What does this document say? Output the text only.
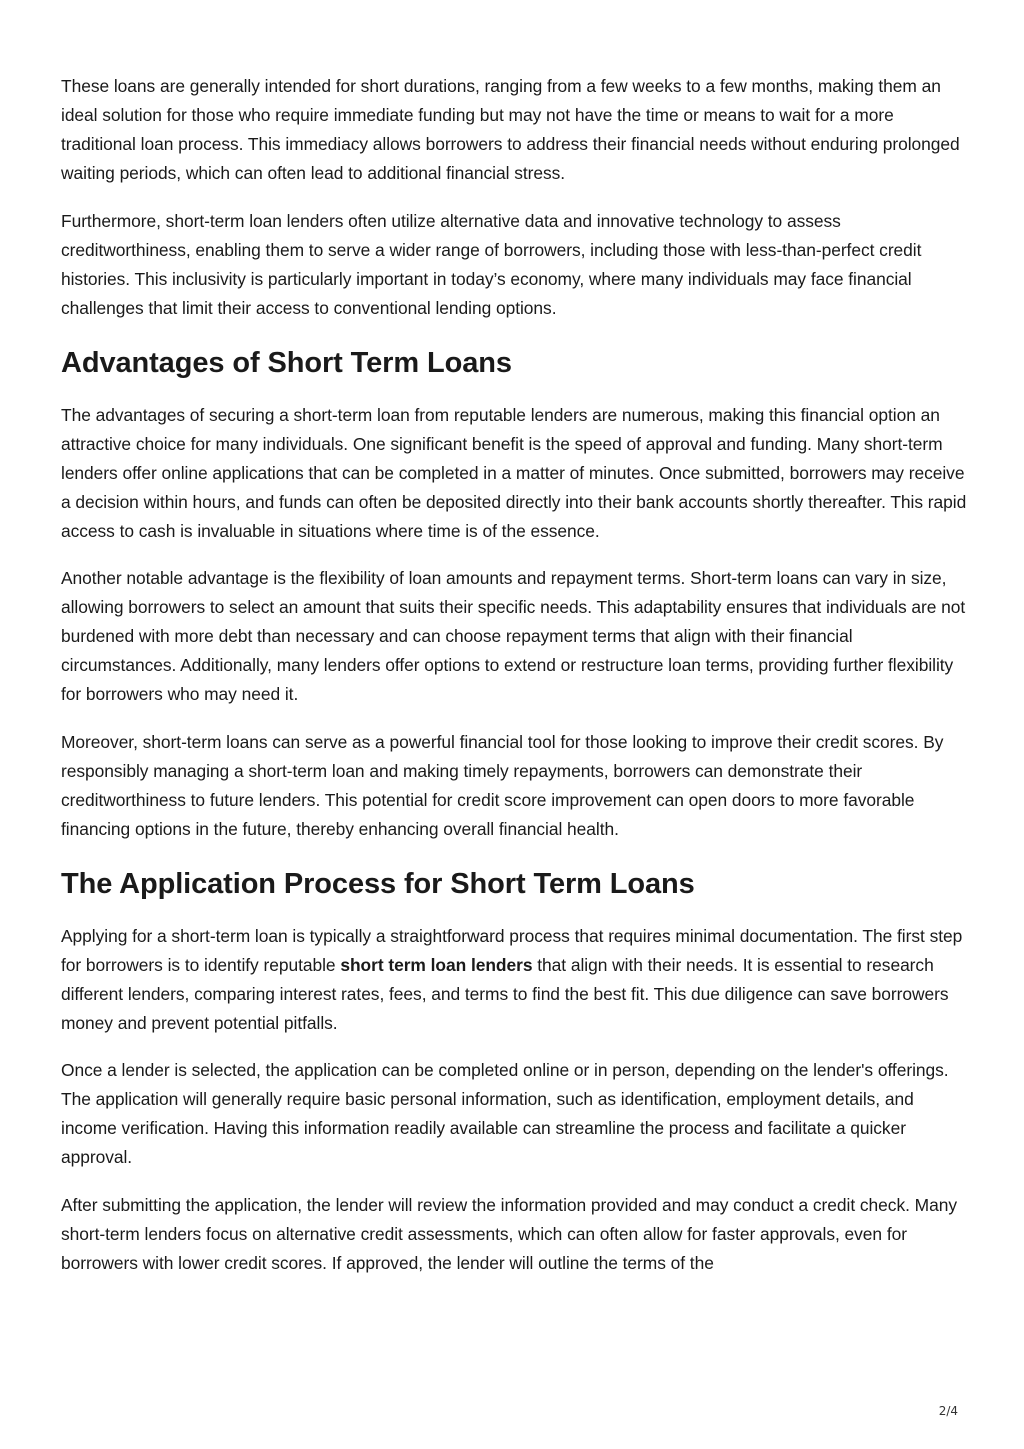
These loans are generally intended for short durations, ranging from a few weeks to a few months, making them an ideal solution for those who require immediate funding but may not have the time or means to wait for a more traditional loan process. This immediacy allows borrowers to address their financial needs without enduring prolonged waiting periods, which can often lead to additional financial stress.

Furthermore, short-term loan lenders often utilize alternative data and innovative technology to assess creditworthiness, enabling them to serve a wider range of borrowers, including those with less-than-perfect credit histories. This inclusivity is particularly important in today’s economy, where many individuals may face financial challenges that limit their access to conventional lending options.

Advantages of Short Term Loans

The advantages of securing a short-term loan from reputable lenders are numerous, making this financial option an attractive choice for many individuals. One significant benefit is the speed of approval and funding. Many short-term lenders offer online applications that can be completed in a matter of minutes. Once submitted, borrowers may receive a decision within hours, and funds can often be deposited directly into their bank accounts shortly thereafter. This rapid access to cash is invaluable in situations where time is of the essence.

Another notable advantage is the flexibility of loan amounts and repayment terms. Short-term loans can vary in size, allowing borrowers to select an amount that suits their specific needs. This adaptability ensures that individuals are not burdened with more debt than necessary and can choose repayment terms that align with their financial circumstances. Additionally, many lenders offer options to extend or restructure loan terms, providing further flexibility for borrowers who may need it.

Moreover, short-term loans can serve as a powerful financial tool for those looking to improve their credit scores. By responsibly managing a short-term loan and making timely repayments, borrowers can demonstrate their creditworthiness to future lenders. This potential for credit score improvement can open doors to more favorable financing options in the future, thereby enhancing overall financial health.

The Application Process for Short Term Loans

Applying for a short-term loan is typically a straightforward process that requires minimal documentation. The first step for borrowers is to identify reputable short term loan lenders that align with their needs. It is essential to research different lenders, comparing interest rates, fees, and terms to find the best fit. This due diligence can save borrowers money and prevent potential pitfalls.

Once a lender is selected, the application can be completed online or in person, depending on the lender's offerings. The application will generally require basic personal information, such as identification, employment details, and income verification. Having this information readily available can streamline the process and facilitate a quicker approval.

After submitting the application, the lender will review the information provided and may conduct a credit check. Many short-term lenders focus on alternative credit assessments, which can often allow for faster approvals, even for borrowers with lower credit scores. If approved, the lender will outline the terms of the

2/4
